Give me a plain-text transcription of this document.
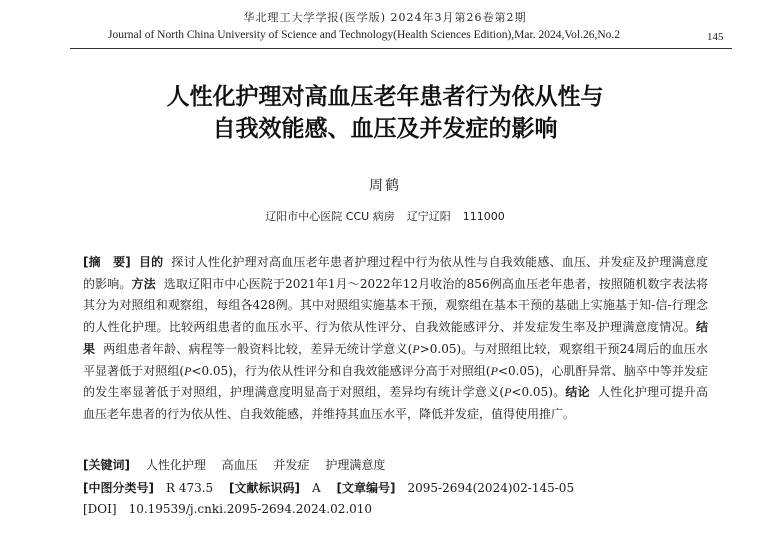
华北理工大学学报(医学版) 2024年3月第26卷第2期
Journal of North China University of Science and Technology(Health Sciences Edition),Mar. 2024,Vol.26,No.2	145
人性化护理对高血压老年患者行为依从性与
自我效能感、血压及并发症的影响
周鹤
辽阳市中心医院 CCU 病房 辽宁辽阳 111000
[摘　要] 目的 探讨人性化护理对高血压老年患者护理过程中行为依从性与自我效能感、血压、并发症及护理满意度的影响。方法 选取辽阳市中心医院于2021年1月～2022年12月收治的856例高血压老年患者，按照随机数字表法将其分为对照组和观察组，每组各428例。其中对照组实施基本干预，观察组在基本干预的基础上实施基于知-信-行理念的人性化护理。比较两组患者的血压水平、行为依从性评分、自我效能感评分、并发症发生率及护理满意度情况。结果 两组患者年龄、病程等一般资料比较，差异无统计学意义(P>0.05)。与对照组比较，观察组干预24周后的血压水平显著低于对照组(P<0.05)，行为依从性评分和自我效能感评分高于对照组(P<0.05)，心肌酐异常、脑卒中等并发症的发生率显著低于对照组，护理满意度明显高于对照组，差异均有统计学意义(P<0.05)。结论 人性化护理可提升高血压老年患者的行为依从性、自我效能感，并维持其血压水平，降低并发症，值得使用推广。
[关键词] 人性化护理 高血压 并发症 护理满意度
[中图分类号] R 473.5 [文献标识码] A [文章编号] 2095-2694(2024)02-145-05
[DOI] 10.19539/j.cnki.2095-2694.2024.02.010
